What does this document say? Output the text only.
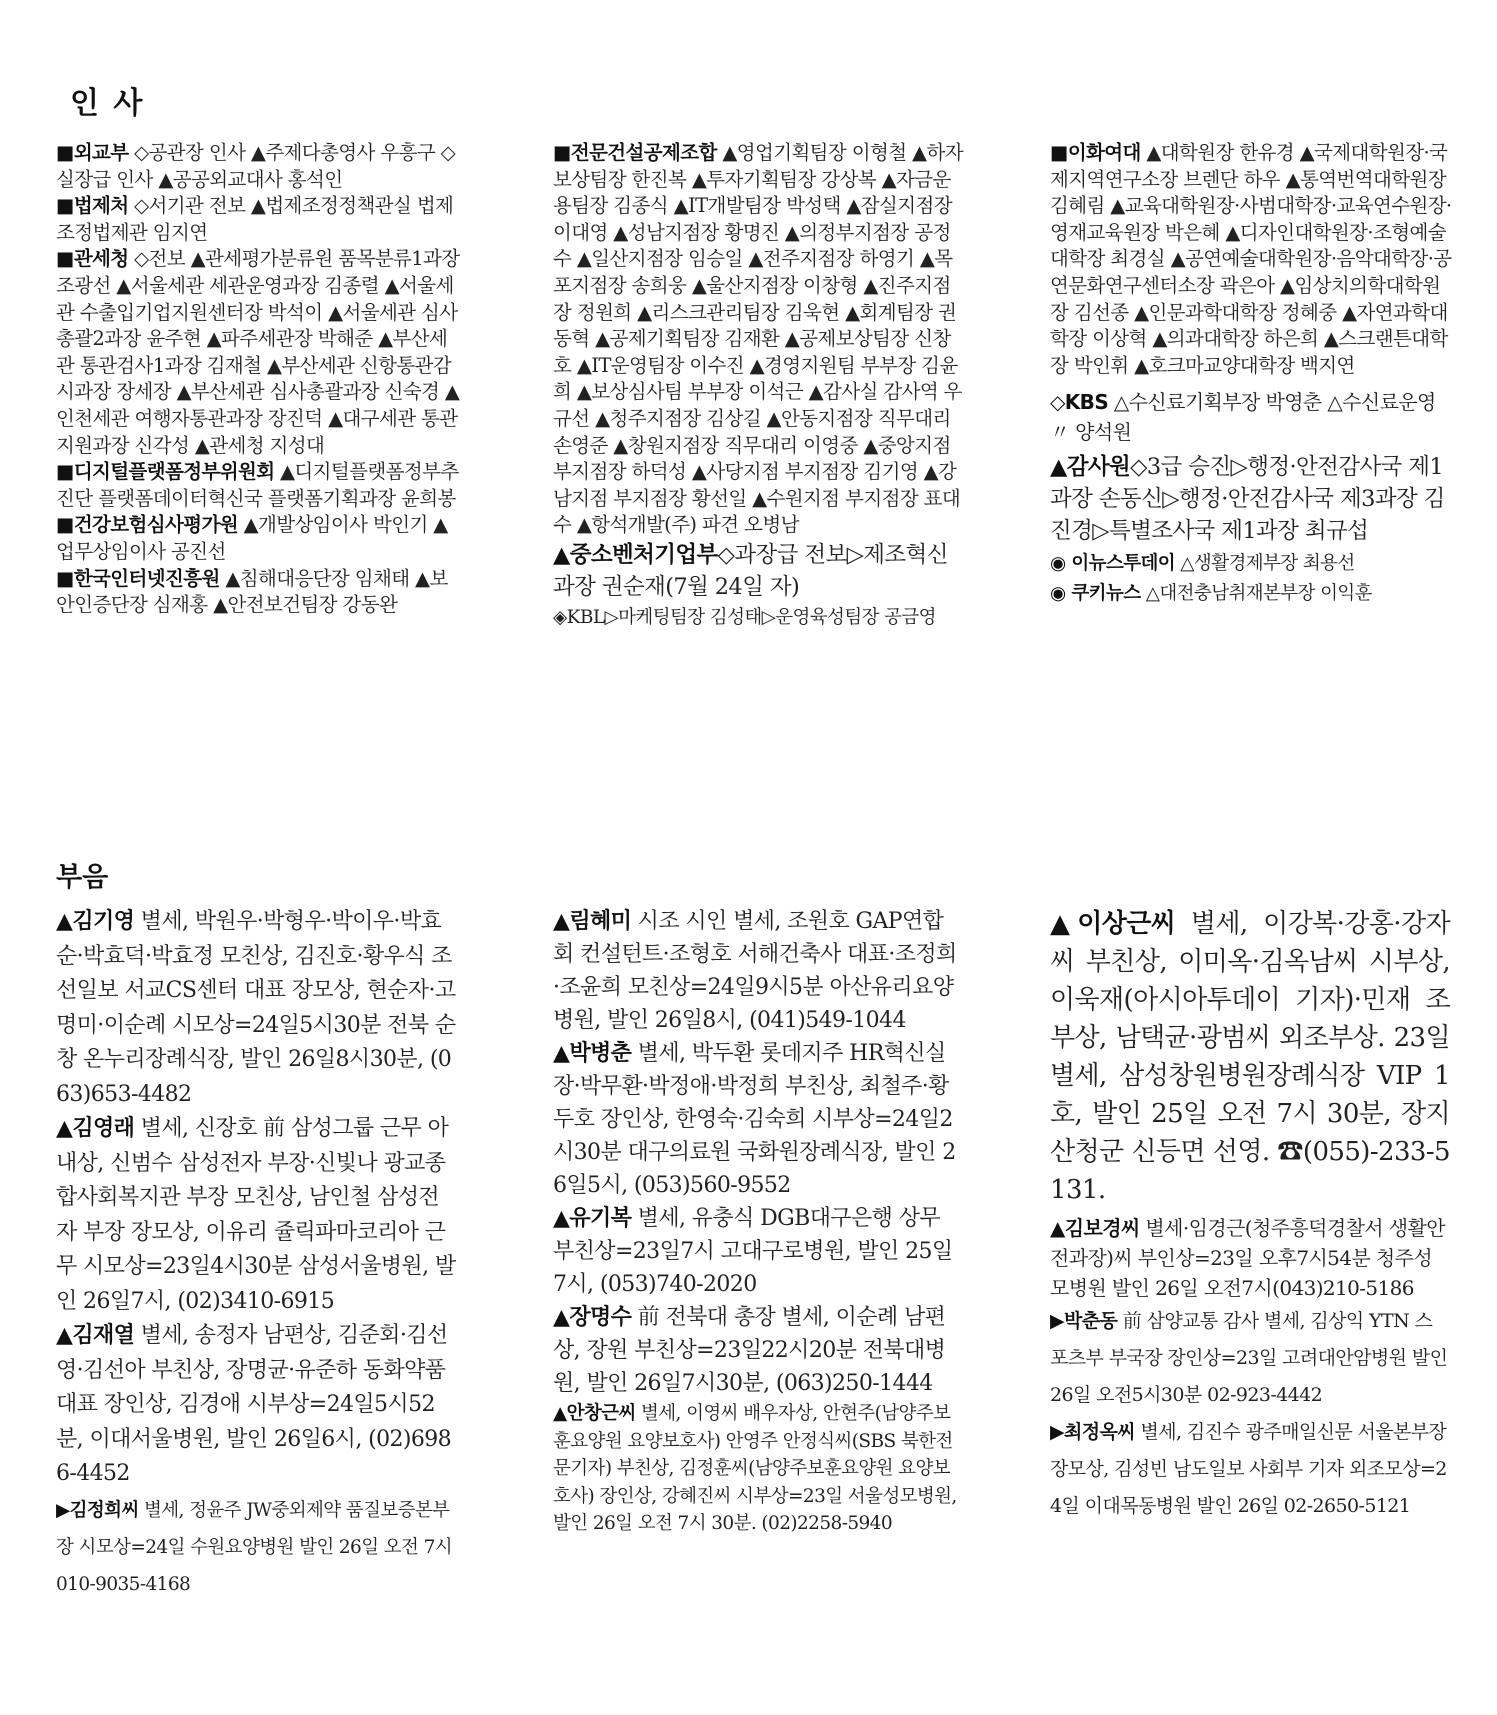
인 사

■외교부 ◇공관장 인사 ▲주제다총영사 우흥구 ◇실장급 인사 ▲공공외교대사 홍석인

■법제처 ◇서기관 전보 ▲법제조정정책관실 법제조정법제관 임지연

■관세청 ◇전보 ▲관세평가분류원 품목분류1과장 조광선 ▲서울세관 세관운영과장 김종렬 ▲서울세관 수출입기업지원센터장 박석이 ▲서울세관 심사총괄2과장 윤주현 ▲파주세관장 박해준 ▲부산세관 통관검사1과장 김재철 ▲부산세관 신항통관감시과장 장세장 ▲부산세관 심사총괄과장 신숙경 ▲인천세관 여행자통관과장 장진덕 ▲대구세관 통관지원과장 신각성 ▲관세청 지성대

■디지털플랫폼정부위원회 ▲디지털플랫폼정부추진단 플랫폼데이터혁신국 플랫폼기획과장 윤희봉

■건강보험심사평가원 ▲개발상임이사 박인기 ▲업무상임이사 공진선

■한국인터넷진흥원 ▲침해대응단장 임채태 ▲보안인증단장 심재홍 ▲안전보건팀장 강동완

■전문건설공제조합 ▲영업기획팀장 이형철 ▲하자보상팀장 한진복 ▲투자기획팀장 강상복 ▲자금운용팀장 김종식 ▲IT개발팀장 박성택 ▲잠실지점장 이대영 ▲성남지점장 황명진 ▲의정부지점장 공정수 ▲일산지점장 임승일 ▲전주지점장 하영기 ▲목포지점장 송희웅 ▲울산지점장 이창형 ▲진주지점장 정원희 ▲리스크관리팀장 김욱현 ▲회계팀장 권동혁 ▲공제기획팀장 김재환 ▲공제보상팀장 신창호 ▲IT운영팀장 이수진 ▲경영지원팀 부부장 김윤희 ▲보상심사팀 부부장 이석근 ▲감사실 감사역 우규선 ▲청주지점장 김상길 ▲안동지점장 직무대리 손영준 ▲창원지점장 직무대리 이영중 ▲중앙지점 부지점장 하덕성 ▲사당지점 부지점장 김기영 ▲강남지점 부지점장 황선일 ▲수원지점 부지점장 표대수 ▲항석개발(주) 파견 오병남

▲중소벤처기업부◇과장급 전보▷제조혁신과장 권순재(7월 24일 자)

◈KBL▷마케팅팀장 김성태▷운영육성팀장 공금영

■이화여대 ▲대학원장 한유경 ▲국제대학원장·국제지역연구소장 브렌단 하우 ▲통역번역대학원장 김혜림 ▲교육대학원장·사범대학장·교육연수원장·영재교육원장 박은혜 ▲디자인대학원장·조형예술대학장 최경실 ▲공연예술대학원장·음악대학장·공연문화연구센터소장 곽은아 ▲임상치의학대학원장 김선종 ▲인문과학대학장 정혜중 ▲자연과학대학장 이상혁 ▲의과대학장 하은희 ▲스크랜튼대학장 박인휘 ▲호크마교양대학장 백지연

◇KBS △수신료기획부장 박영춘 △수신료운영〃 양석원

▲감사원◇3급 승진▷행정·안전감사국 제1과장 손동신▷행정·안전감사국 제3과장 김진경▷특별조사국 제1과장 최규섭

◉ 이뉴스투데이 △생활경제부장 최용선

◉ 쿠키뉴스 △대전충남취재본부장 이익훈

부음

▲김기영 별세, 박원우·박형우·박이우·박효순·박효덕·박효정 모친상, 김진호·황우식 조선일보 서교CS센터 대표 장모상, 현순자·고명미·이순례 시모상=24일5시30분 전북 순창 온누리장례식장, 발인 26일8시30분, (063)653-4482

▲김영래 별세, 신장호 前 삼성그룹 근무 아내상, 신범수 삼성전자 부장·신빛나 광교종합사회복지관 부장 모친상, 남인철 삼성전자 부장 장모상, 이유리 쥴릭파마코리아 근무 시모상=23일4시30분 삼성서울병원, 발인 26일7시, (02)3410-6915

▲김재열 별세, 송정자 남편상, 김준회·김선영·김선아 부친상, 장명균·유준하 동화약품 대표 장인상, 김경애 시부상=24일5시52분, 이대서울병원, 발인 26일6시, (02)6986-4452

▶김정희씨 별세, 정윤주 JW중외제약 품질보증본부장 시모상=24일 수원요양병원 발인 26일 오전 7시 010-9035-4168

▲림혜미 시조 시인 별세, 조원호 GAP연합회 컨설턴트·조형호 서해건축사 대표·조정희·조윤희 모친상=24일9시5분 아산유리요양병원, 발인 26일8시, (041)549-1044

▲박병춘 별세, 박두환 롯데지주 HR혁신실장·박무환·박정애·박정희 부친상, 최철주·황두호 장인상, 한영숙·김숙희 시부상=24일2시30분 대구의료원 국화원장례식장, 발인 26일5시, (053)560-9552

▲유기복 별세, 유충식 DGB대구은행 상무 부친상=23일7시 고대구로병원, 발인 25일7시, (053)740-2020

▲장명수 前 전북대 총장 별세, 이순례 남편상, 장원 부친상=23일22시20분 전북대병원, 발인 26일7시30분, (063)250-1444

▲안창근씨 별세, 이영씨 배우자상, 안현주(남양주보훈요양원 요양보호사) 안영주 안정식씨(SBS 북한전문기자) 부친상, 김정훈씨(남양주보훈요양원 요양보호사) 장인상, 강혜진씨 시부상=23일 서울성모병원, 발인 26일 오전 7시 30분. (02)2258-5940

▲이상근씨 별세, 이강복·강홍·강자씨 부친상, 이미옥·김옥남씨 시부상, 이욱재(아시아투데이 기자)·민재 조부상, 남택균·광범씨 외조부상. 23일 별세, 삼성창원병원장례식장 VIP 1호, 발인 25일 오전 7시 30분, 장지 산청군 신등면 선영. ☎(055)-233-5131.

▲김보경씨 별세·임경근(청주흥덕경찰서 생활안전과장)씨 부인상=23일 오후7시54분 청주성모병원 발인 26일 오전7시(043)210-5186

▶박춘동 前 삼양교통 감사 별세, 김상익 YTN 스포츠부 부국장 장인상=23일 고려대안암병원 발인 26일 오전5시30분 02-923-4442

▶최정옥씨 별세, 김진수 광주매일신문 서울본부장 장모상, 김성빈 남도일보 사회부 기자 외조모상=24일 이대목동병원 발인 26일 02-2650-5121
